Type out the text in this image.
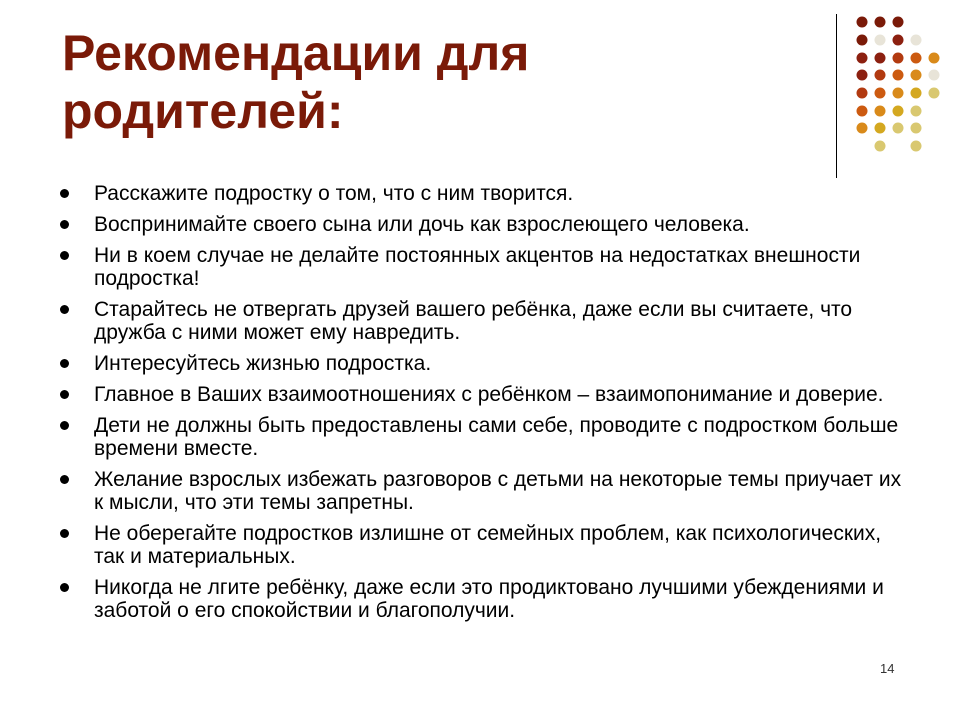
Рекомендации для родителей:
Расскажите подростку о том, что с ним творится.
Воспринимайте своего сына или дочь как взрослеющего человека.
Ни в коем случае не делайте постоянных акцентов на недостатках внешности подростка!
Старайтесь не отвергать друзей вашего ребёнка, даже если вы считаете, что дружба с ними может ему навредить.
Интересуйтесь жизнью подростка.
Главное в Ваших взаимоотношениях с ребёнком – взаимопонимание и доверие.
Дети не должны быть предоставлены сами себе, проводите с подростком больше времени вместе.
Желание взрослых избежать разговоров с детьми на некоторые темы приучает их к мысли, что эти темы запретны.
Не оберегайте подростков излишне от семейных проблем, как психологических, так и материальных.
Никогда не лгите ребёнку, даже если это продиктовано лучшими убеждениями и заботой о его спокойствии и благополучии.
14
